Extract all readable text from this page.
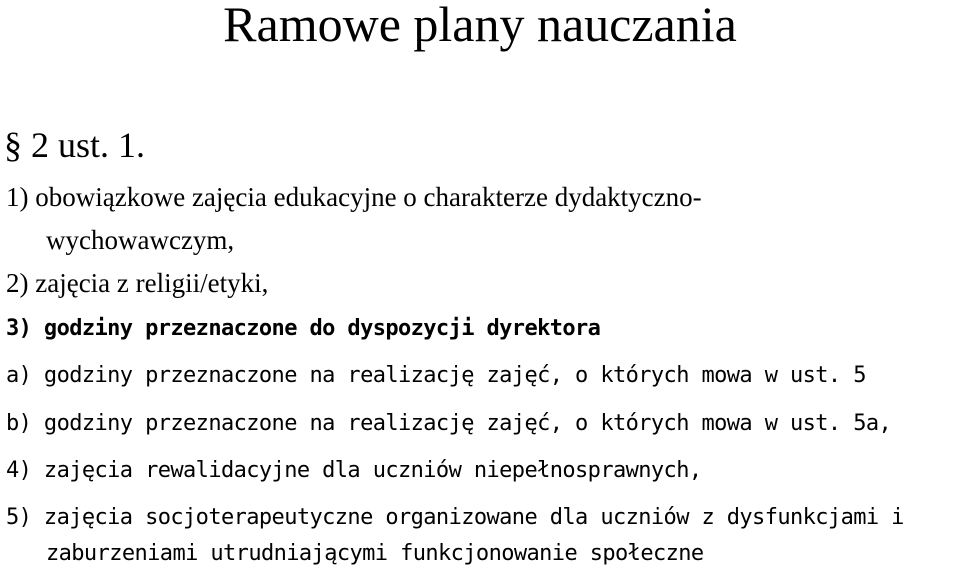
Ramowe plany nauczania
§ 2 ust. 1.
1) obowiązkowe zajęcia edukacyjne o charakterze dydaktyczno-
wychowawczym,
2) zajęcia z religii/etyki,
3) godziny przeznaczone do dyspozycji dyrektora
a) godziny przeznaczone na realizację zajęć, o których mowa w ust. 5
b) godziny przeznaczone na realizację zajęć, o których mowa w ust. 5a,
4) zajęcia rewalidacyjne dla uczniów niepełnosprawnych,
5) zajęcia socjoterapeutyczne organizowane dla uczniów z dysfunkcjami i
zaburzeniami utrudniającymi funkcjonowanie społeczne
